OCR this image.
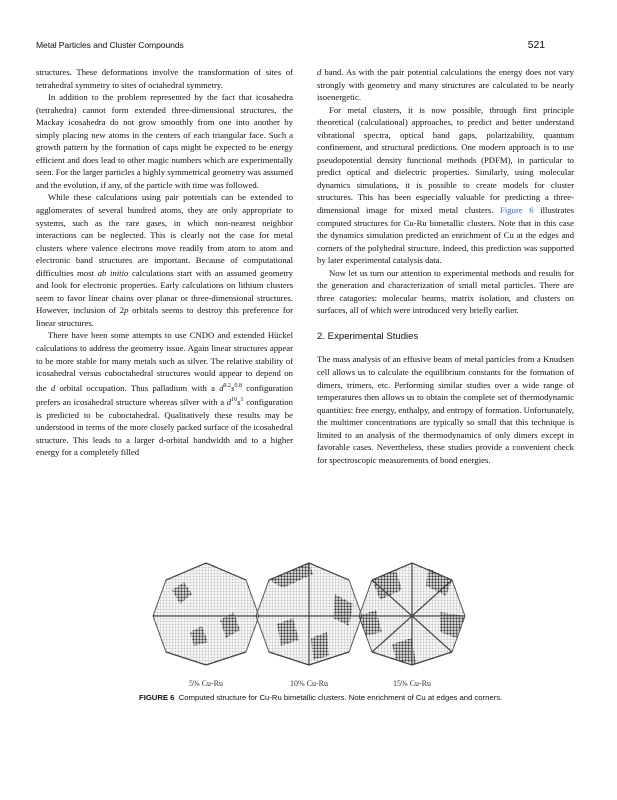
Metal Particles and Cluster Compounds	521

structures. These deformations involve the transformation of sites of tetrahedral symmetry to sites of octahedral symmetry.

In addition to the problem represented by the fact that icosahedra (tetrahedra) cannot form extended three-dimensional structures, the Mackay icosahedra do not grow smoothly from one into another by simply placing new atoms in the centers of each triangular face. Such a growth pattern by the formation of caps might be expected to be energy efficient and does lead to other magic numbers which are experimentally seen. For the larger particles a highly symmetrical geometry was assumed and the evolution, if any, of the particle with time was followed.

While these calculations using pair potentials can be extended to agglomerates of several hundred atoms, they are only appropriate to systems, such as the rare gases, in which non-nearest neighbor interactions can be neglected. This is clearly not the case for metal clusters where valence electrons move readily from atom to atom and electronic band structures are important. Because of computational difficulties most ab initio calculations start with an assumed geometry and look for electronic properties. Early calculations on lithium clusters seem to favor linear chains over planar or three-dimensional structures. However, inclusion of 2p orbitals seems to destroy this preference for linear structures.

There have been some attempts to use CNDO and extended Hückel calculations to address the geometry issue. Again linear structures appear to be more stable for many metals such as silver. The relative stability of icosahedral versus cuboctahedral structures would appear to depend on the d orbital occupation. Thus palladium with a $d^{9.2}s^{0.8}$ configuration prefers an icosahedral structure whereas silver with a $d^{10}s^1$ configuration is predicted to be cuboctahedral. Qualitatively these results may be understood in terms of the more closely packed surface of the icosahedral structure. This leads to a larger d-orbital bandwidth and to a higher energy for a completely filled

d band. As with the pair potential calculations the energy does not vary strongly with geometry and many structures are calculated to be nearly isoenergetic.

For metal clusters, it is now possible, through first principle theoretical (calculational) approaches, to predict and better understand vibrational spectra, optical band gaps, polarizability, quantum confinement, and structural predictions. One modern approach is to use pseudopotential density functional methods (PDFM), in particular to predict optical and dielectric properties. Similarly, using molecular dynamics simulations, it is possible to create models for cluster structures. This has been especially valuable for predicting a three-dimensional image for mixed metal clusters. Figure 6 illustrates computed structures for Cu-Ru bimetallic clusters. Note that in this case the dynamics simulation predicted an enrichment of Cu at the edges and corners of the polyhedral structure. Indeed, this prediction was supported by later experimental catalysis data.

Now let us turn our attention to experimental methods and results for the generation and characterization of small metal particles. There are three catagories: molecular beams, matrix isolation, and clusters on surfaces, all of which were introduced very briefly earlier.

2. Experimental Studies

The mass analysis of an effusive beam of metal particles from a Knudsen cell allows us to calculate the equilibrium constants for the formation of dimers, trimers, etc. Performing similar studies over a wide range of temperatures then allows us to obtain the complete set of thermodynamic quantities: free energy, enthalpy, and entropy of formation. Unfortunately, the multimer concentrations are typically so small that this technique is limited to an analysis of the thermodynamics of only dimers except in favorable cases. Nevertheless, these studies provide a convenient check for spectroscopic measurements of bond energies.

5% Cu-Ru	10% Cu-Ru	15% Cu-Ru
FIGURE 6 Computed structure for Cu-Ru bimetallic clusters. Note enrichment of Cu at edges and corners.
